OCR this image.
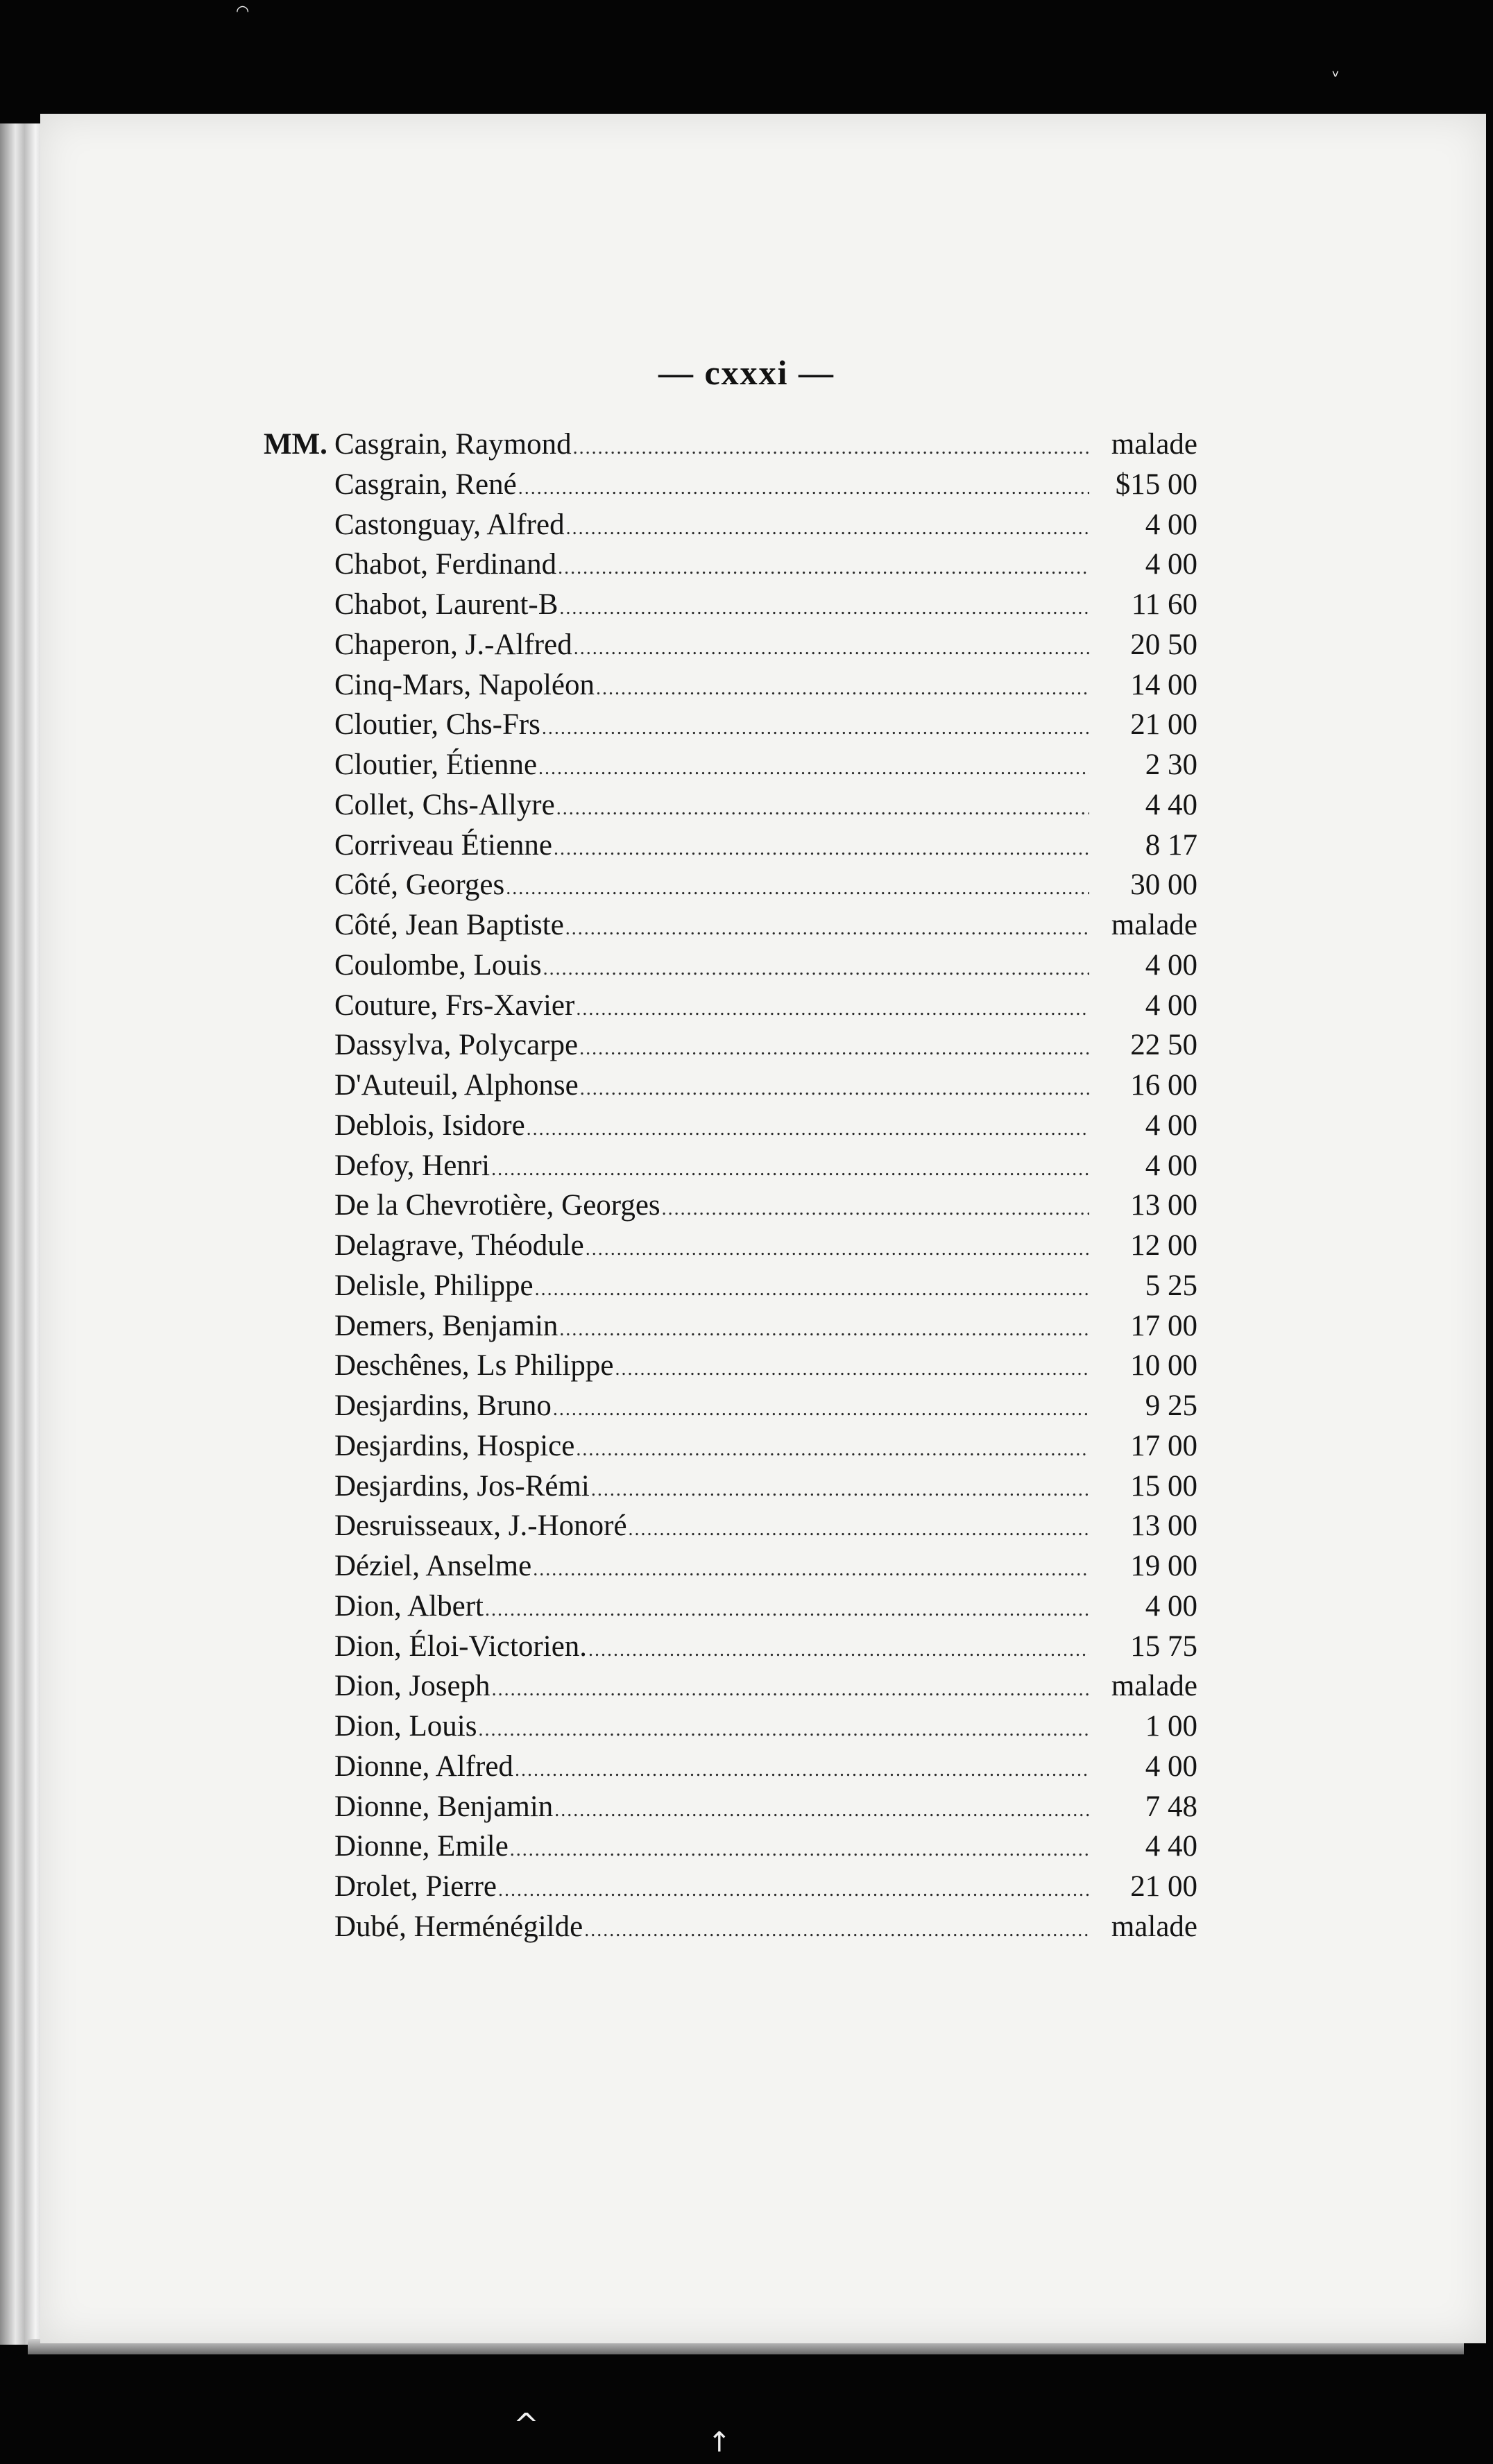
◠
ᵛ
^	↑
— cxxxi —
MM. Casgrain, Raymond .....	malade
Casgrain, René .....	$15 00
Castonguay, Alfred .....	4 00
Chabot, Ferdinand .....	4 00
Chabot, Laurent-B .....	11 60
Chaperon, J.-Alfred .....	20 50
Cinq-Mars, Napoléon .....	14 00
Cloutier, Chs-Frs .....	21 00
Cloutier, Étienne .....	2 30
Collet, Chs-Allyre .....	4 40
Corriveau Étienne .....	8 17
Côté, Georges .....	30 00
Côté, Jean Baptiste .....	malade
Coulombe, Louis .....	4 00
Couture, Frs-Xavier .....	4 00
Dassylva, Polycarpe .....	22 50
D'Auteuil, Alphonse .....	16 00
Deblois, Isidore .....	4 00
Defoy, Henri .....	4 00
De la Chevrotière, Georges .....	13 00
Delagrave, Théodule .....	12 00
Delisle, Philippe .....	5 25
Demers, Benjamin .....	17 00
Deschênes, Ls Philippe .....	10 00
Desjardins, Bruno .....	9 25
Desjardins, Hospice .....	17 00
Desjardins, Jos-Rémi .....	15 00
Desruisseaux, J.-Honoré .....	13 00
Déziel, Anselme .....	19 00
Dion, Albert .....	4 00
Dion, Éloi-Victorien. .....	15 75
Dion, Joseph .....	malade
Dion, Louis .....	1 00
Dionne, Alfred .....	4 00
Dionne, Benjamin .....	7 48
Dionne, Emile .....	4 40
Drolet, Pierre .....	21 00
Dubé, Herménégilde .....	malade
